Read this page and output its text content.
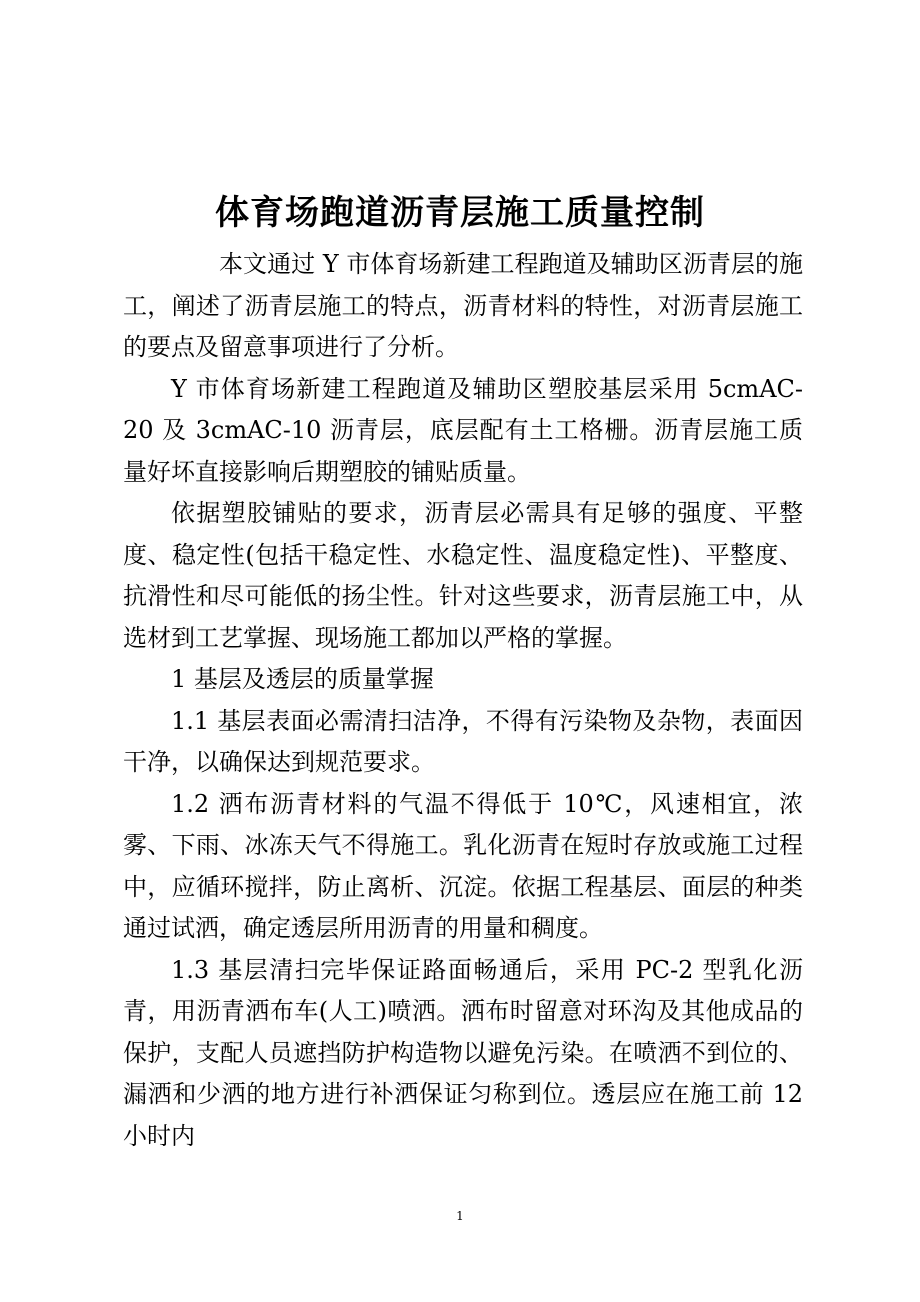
体育场跑道沥青层施工质量控制

本文通过 Y 市体育场新建工程跑道及辅助区沥青层的施工，阐述了沥青层施工的特点，沥青材料的特性，对沥青层施工的要点及留意事项进行了分析。

Y 市体育场新建工程跑道及辅助区塑胶基层采用 5cmAC-20 及 3cmAC-10 沥青层，底层配有土工格栅。沥青层施工质量好坏直接影响后期塑胶的铺贴质量。

依据塑胶铺贴的要求，沥青层必需具有足够的强度、平整度、稳定性(包括干稳定性、水稳定性、温度稳定性)、平整度、抗滑性和尽可能低的扬尘性。针对这些要求，沥青层施工中，从选材到工艺掌握、现场施工都加以严格的掌握。

1 基层及透层的质量掌握

1.1 基层表面必需清扫洁净，不得有污染物及杂物，表面因干净，以确保达到规范要求。

1.2 洒布沥青材料的气温不得低于 10℃，风速相宜，浓雾、下雨、冰冻天气不得施工。乳化沥青在短时存放或施工过程中，应循环搅拌，防止离析、沉淀。依据工程基层、面层的种类通过试洒，确定透层所用沥青的用量和稠度。

1.3 基层清扫完毕保证路面畅通后，采用 PC-2 型乳化沥青，用沥青洒布车(人工)喷洒。洒布时留意对环沟及其他成品的保护，支配人员遮挡防护构造物以避免污染。在喷洒不到位的、漏洒和少洒的地方进行补洒保证匀称到位。透层应在施工前 12 小时内

1
